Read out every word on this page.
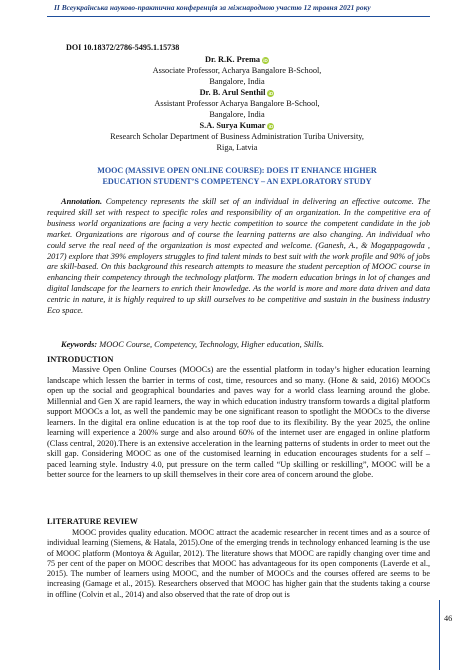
ІІ Всеукраїнська науково-практична конференція за міжнародною участю 12 травня 2021 року
DOI 10.18372/2786-5495.1.15738
Dr. R.K. Prema iD
Associate Professor, Acharya Bangalore B-School,
Bangalore, India
Dr. B. Arul Senthil iD
Assistant Professor Acharya Bangalore B-School,
Bangalore, India
S.A. Surya Kumar iD
Research Scholar Department of Business Administration Turiba University,
Riga, Latvia
MOOC (MASSIVE OPEN ONLINE COURSE): DOES IT ENHANCE HIGHER
EDUCATION STUDENT’S COMPETENCY – AN EXPLORATORY STUDY
Annotation. Competency represents the skill set of an individual in delivering an effective outcome. The required skill set with respect to specific roles and responsibility of an organization. In the competitive era of business world organizations are facing a very hectic competition to source the competent candidate in the job market. Organizations are rigorous and of course the learning patterns are also changing. An individual who could serve the real need of the organization is most expected and welcome. (Ganesh, A., & Mogappagowda , 2017) explore that 39% employers struggles to find talent minds to best suit with the work profile and 90% of jobs are skill-based. On this background this research attempts to measure the student perception of MOOC course in enhancing their competency through the technology platform. The modern education brings in lot of changes and digital landscape for the learners to enrich their knowledge. As the world is more and more data driven and data centric in nature, it is highly required to up skill ourselves to be competitive and sustain in the business industry Eco space.
Keywords: MOOC Course, Competency, Technology, Higher education, Skills.
INTRODUCTION
Massive Open Online Courses (MOOCs) are the essential platform in today’s higher education learning landscape which lessen the barrier in terms of cost, time, resources and so many. (Hone & said, 2016) MOOCs open up the social and geographical boundaries and paves way for a world class learning around the globe. Millennial and Gen X are rapid learners, the way in which education industry transform towards a digital platform support MOOCs a lot, as well the pandemic may be one significant reason to spotlight the MOOCs to the diverse learners. In the digital era online education is at the top roof due to its flexibility. By the year 2025, the online learning will experience a 200% surge and also around 60% of the internet user are engaged in online platform (Class central, 2020).There is an extensive acceleration in the learning patterns of students in order to meet out the skill gap. Considering MOOC as one of the customised learning in education encourages students for a self – paced learning style. Industry 4.0, put pressure on the term called “Up skilling or reskilling”, MOOC will be a better source for the learners to up skill themselves in their core area of concern around the globe.
LITERATURE REVIEW
MOOC provides quality education. MOOC attract the academic researcher in recent times and as a source of individual learning (Siemens, & Hatala, 2015).One of the emerging trends in technology enhanced learning is the use of MOOC platform (Montoya & Aguilar, 2012). The literature shows that MOOC are rapidly changing over time and 75 per cent of the paper on MOOC describes that MOOC has advantageous for its open components (Laverde et al., 2015). The number of learners using MOOC, and the number of MOOCs and the courses offered are seems to be increasing (Gamage et al., 2015). Researchers observed that MOOC has higher gain that the students taking a course in offline (Colvin et al., 2014) and also observed that the rate of drop out is
46
